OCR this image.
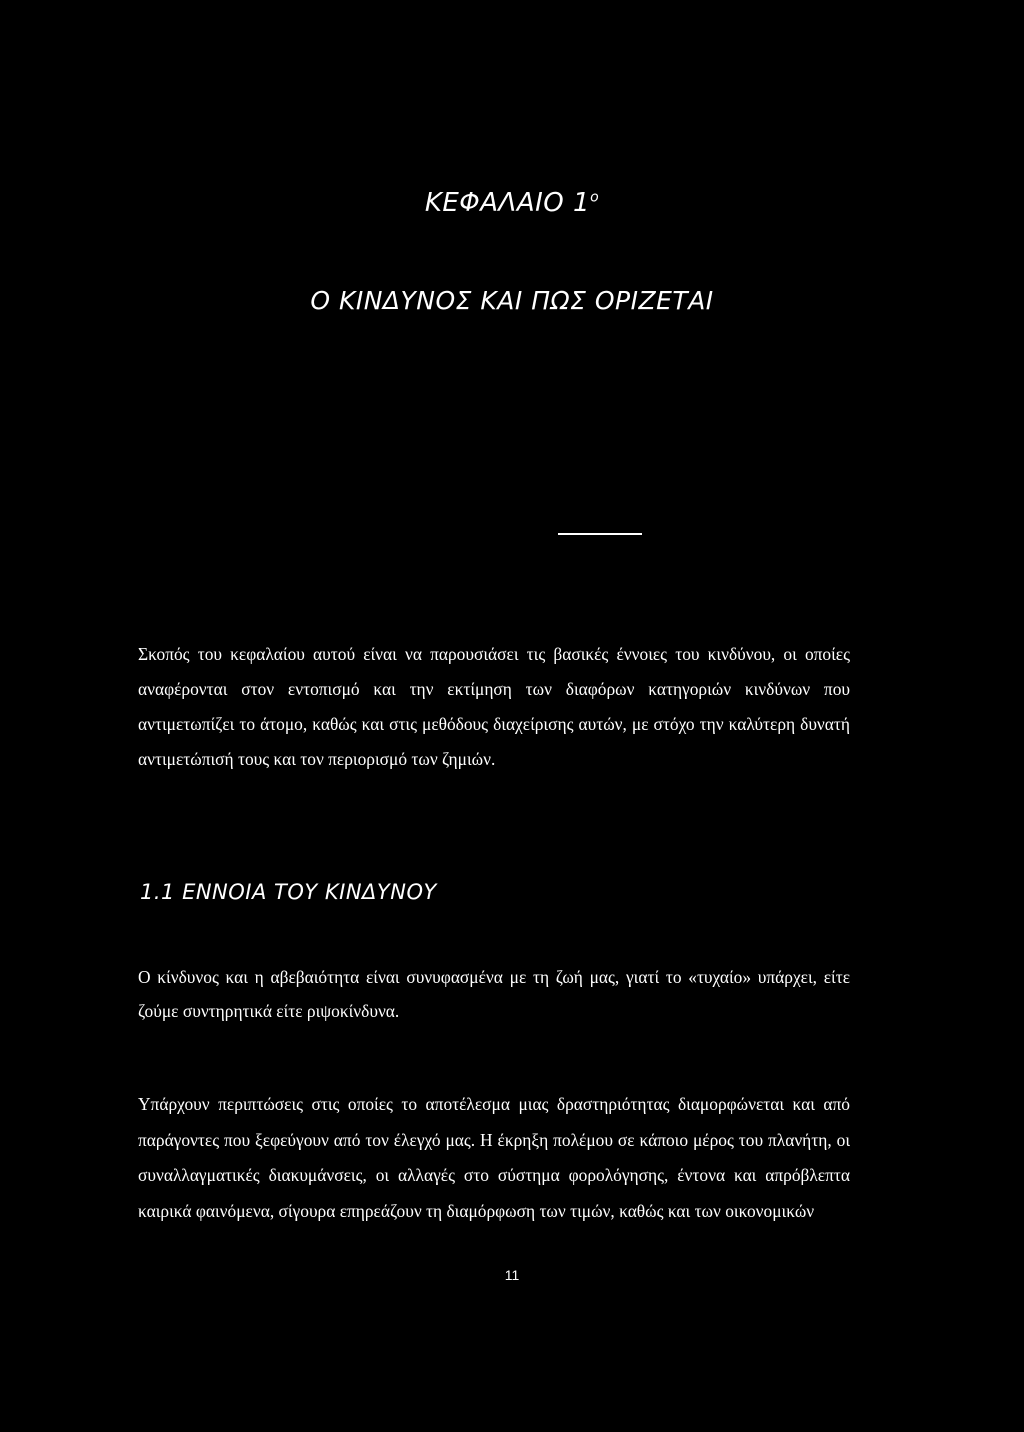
ΚΕΦΑΛΑΙΟ $1^o$
Ο ΚΙΝΔΥΝΟΣ ΚΑΙ ΠΩΣ ΟΡΙΖΕΤΑΙ

Σκοπός του κεφαλαίου αυτού είναι να παρουσιάσει τις βασικές έννοιες του κινδύνου, οι οποίες αναφέρονται στον εντοπισμό και την εκτίμηση των διαφόρων κατηγοριών κινδύνων που αντιμετωπίζει το άτομο, καθώς και στις μεθόδους διαχείρισης αυτών, με στόχο την καλύτερη δυνατή αντιμετώπισή τους και τον περιορισμό των ζημιών.

1.1 ΕΝΝΟΙΑ ΤΟΥ ΚΙΝΔΥΝΟΥ

Ο κίνδυνος και η αβεβαιότητα είναι συνυφασμένα με τη ζωή μας, γιατί το «τυχαίο» υπάρχει, είτε ζούμε συντηρητικά είτε ριψοκίνδυνα.

Υπάρχουν περιπτώσεις στις οποίες το αποτέλεσμα μιας δραστηριότητας διαμορφώνεται και από παράγοντες που ξεφεύγουν από τον έλεγχό μας. Η έκρηξη πολέμου σε κάποιο μέρος του πλανήτη, οι συναλλαγματικές διακυμάνσεις, οι αλλαγές στο σύστημα φορολόγησης, έντονα και απρόβλεπτα καιρικά φαινόμενα, σίγουρα επηρεάζουν τη διαμόρφωση των τιμών, καθώς και των οικονομικών

11
